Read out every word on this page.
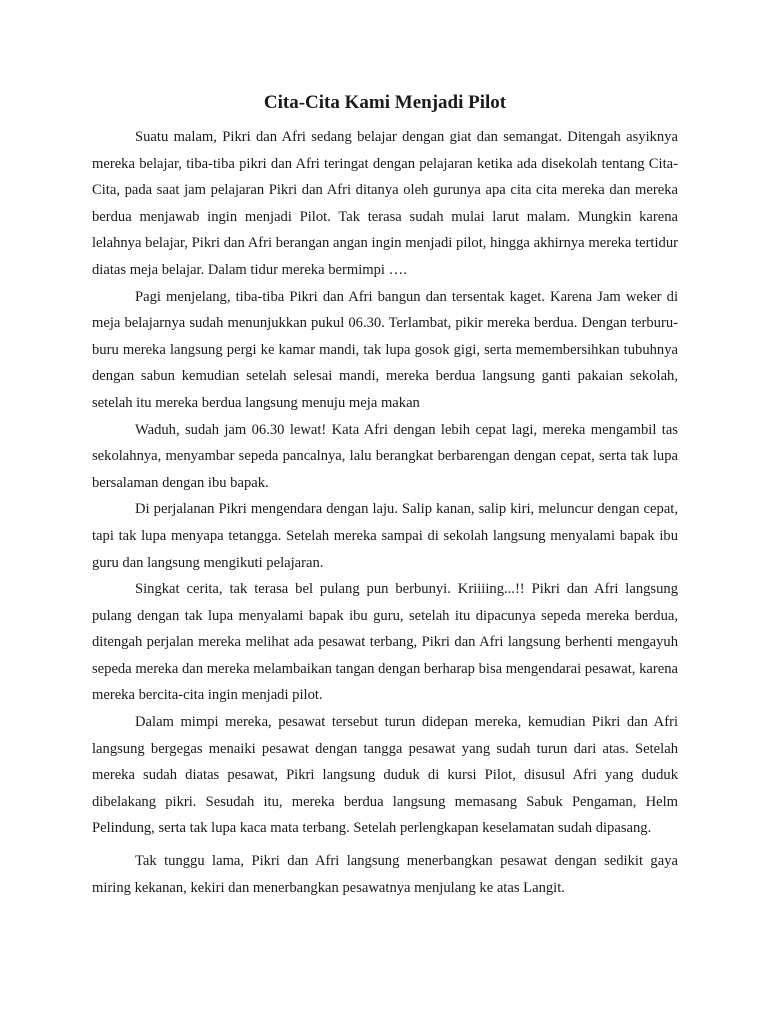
Cita-Cita Kami Menjadi Pilot

Suatu malam, Pikri dan Afri sedang belajar dengan giat dan semangat. Ditengah asyiknya mereka belajar, tiba-tiba pikri dan Afri teringat dengan pelajaran ketika ada disekolah tentang Cita-Cita, pada saat jam pelajaran Pikri dan Afri ditanya oleh gurunya apa cita cita mereka dan mereka berdua menjawab ingin menjadi Pilot. Tak terasa sudah mulai larut malam. Mungkin karena lelahnya belajar, Pikri dan Afri berangan angan ingin menjadi pilot, hingga akhirnya mereka tertidur diatas meja belajar. Dalam tidur mereka bermimpi ….

Pagi menjelang, tiba-tiba Pikri dan Afri bangun dan tersentak kaget. Karena Jam weker di meja belajarnya sudah menunjukkan pukul 06.30. Terlambat, pikir mereka berdua. Dengan terburu-buru mereka langsung pergi ke kamar mandi, tak lupa gosok gigi, serta memembersihkan tubuhnya dengan sabun kemudian setelah selesai mandi, mereka berdua langsung ganti pakaian sekolah, setelah itu mereka berdua langsung menuju meja makan

Waduh, sudah jam 06.30 lewat! Kata Afri dengan lebih cepat lagi, mereka mengambil tas sekolahnya, menyambar sepeda pancalnya, lalu berangkat berbarengan dengan cepat, serta tak lupa bersalaman dengan ibu bapak.

Di perjalanan Pikri mengendara dengan laju. Salip kanan, salip kiri, meluncur dengan cepat, tapi tak lupa menyapa tetangga. Setelah mereka sampai di sekolah langsung menyalami bapak ibu guru dan langsung mengikuti pelajaran.

Singkat cerita, tak terasa bel pulang pun berbunyi. Kriiiing...!! Pikri dan Afri langsung pulang dengan tak lupa menyalami bapak ibu guru, setelah itu dipacunya sepeda mereka berdua, ditengah perjalan mereka melihat ada pesawat terbang, Pikri dan Afri langsung berhenti mengayuh sepeda mereka dan mereka melambaikan tangan dengan berharap bisa mengendarai pesawat, karena mereka bercita-cita ingin menjadi pilot.

Dalam mimpi mereka, pesawat tersebut turun didepan mereka, kemudian Pikri dan Afri langsung bergegas menaiki pesawat dengan tangga pesawat yang sudah turun dari atas. Setelah mereka sudah diatas pesawat, Pikri langsung duduk di kursi Pilot, disusul Afri yang duduk dibelakang pikri. Sesudah itu, mereka berdua langsung memasang Sabuk Pengaman, Helm Pelindung, serta tak lupa kaca mata terbang. Setelah perlengkapan keselamatan sudah dipasang.

Tak tunggu lama, Pikri dan Afri langsung menerbangkan pesawat dengan sedikit gaya miring kekanan, kekiri dan menerbangkan pesawatnya menjulang ke atas Langit.
